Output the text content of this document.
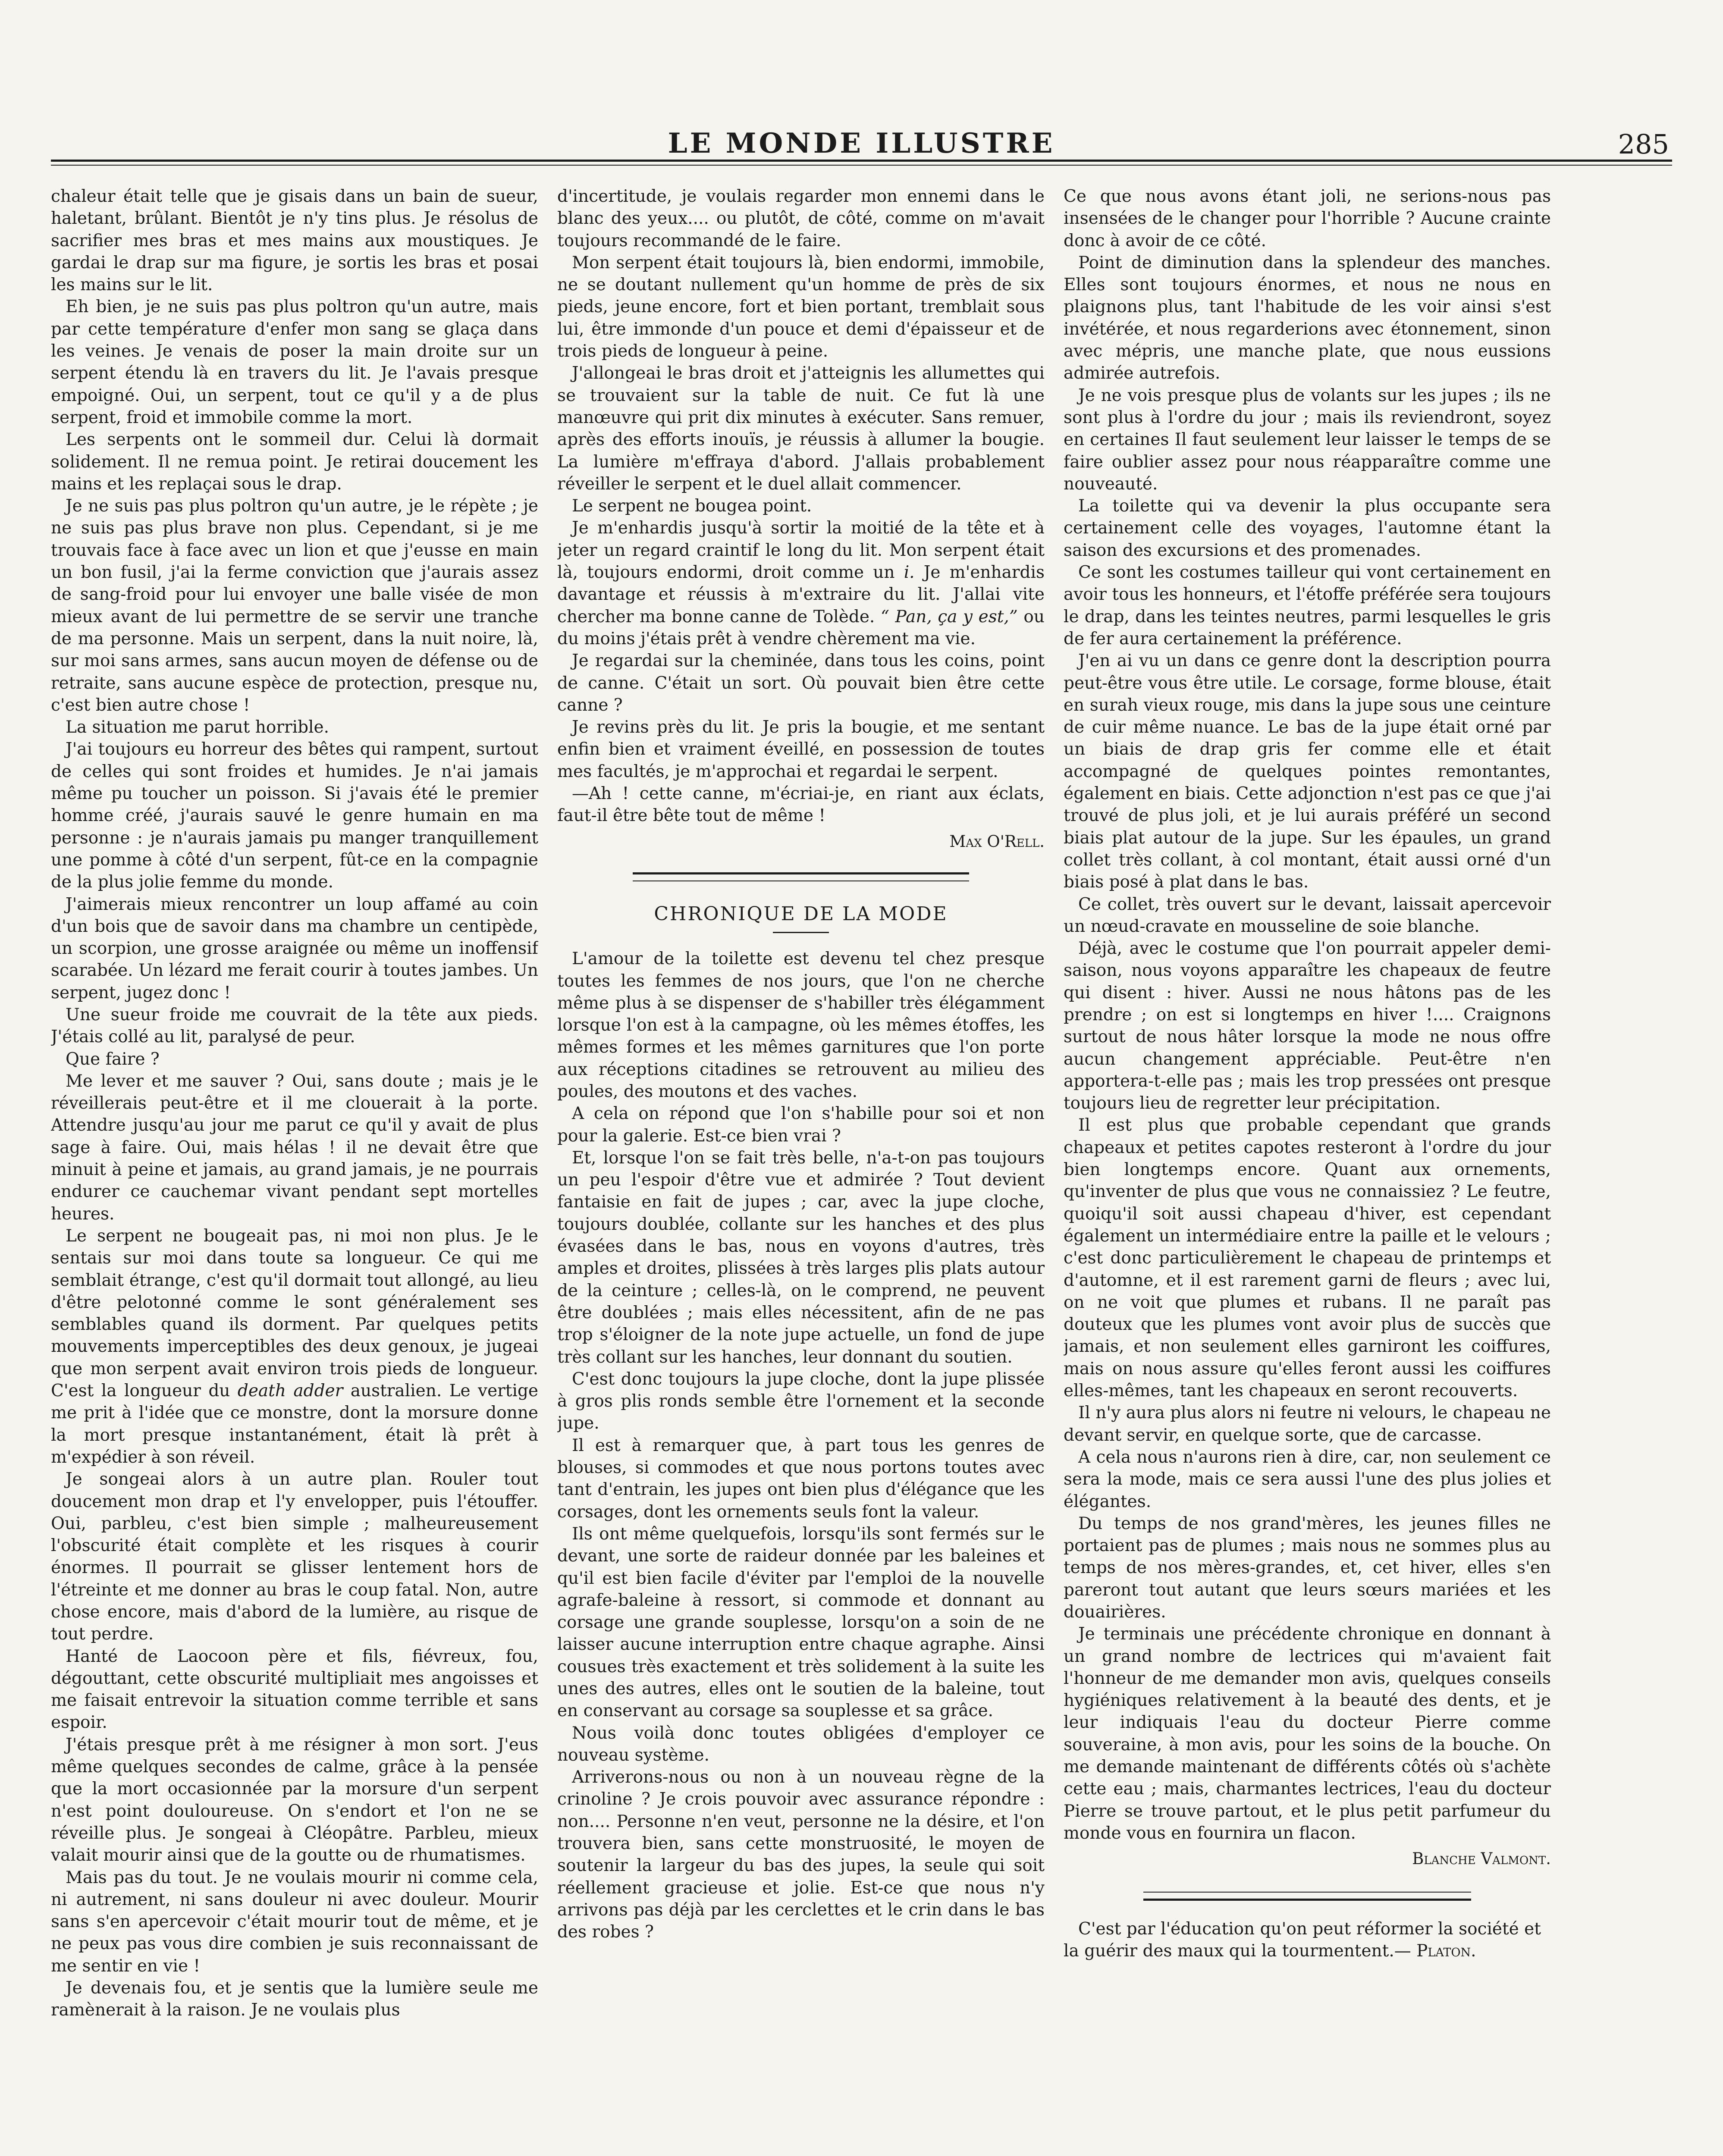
LE MONDE ILLUSTRE	285

chaleur était telle que je gisais dans un bain de sueur, haletant, brûlant. Bientôt je n'y tins plus. Je résolus de sacrifier mes bras et mes mains aux moustiques. Je gardai le drap sur ma figure, je sortis les bras et posai les mains sur le lit.

Eh bien, je ne suis pas plus poltron qu'un autre, mais par cette température d'enfer mon sang se glaça dans les veines. Je venais de poser la main droite sur un serpent étendu là en travers du lit. Je l'avais presque empoigné. Oui, un serpent, tout ce qu'il y a de plus serpent, froid et immobile comme la mort.

Les serpents ont le sommeil dur. Celui là dormait solidement. Il ne remua point. Je retirai doucement les mains et les replaçai sous le drap.

Je ne suis pas plus poltron qu'un autre, je le répète ; je ne suis pas plus brave non plus. Cependant, si je me trouvais face à face avec un lion et que j'eusse en main un bon fusil, j'ai la ferme conviction que j'aurais assez de sang-froid pour lui envoyer une balle visée de mon mieux avant de lui permettre de se servir une tranche de ma personne. Mais un serpent, dans la nuit noire, là, sur moi sans armes, sans aucun moyen de défense ou de retraite, sans aucune espèce de protection, presque nu, c'est bien autre chose !

La situation me parut horrible.

J'ai toujours eu horreur des bêtes qui rampent, surtout de celles qui sont froides et humides. Je n'ai jamais même pu toucher un poisson. Si j'avais été le premier homme créé, j'aurais sauvé le genre humain en ma personne : je n'aurais jamais pu manger tranquillement une pomme à côté d'un serpent, fût-ce en la compagnie de la plus jolie femme du monde.

J'aimerais mieux rencontrer un loup affamé au coin d'un bois que de savoir dans ma chambre un centipède, un scorpion, une grosse araignée ou même un inoffensif scarabée. Un lézard me ferait courir à toutes jambes. Un serpent, jugez donc !

Une sueur froide me couvrait de la tête aux pieds. J'étais collé au lit, paralysé de peur.

Que faire ?

Me lever et me sauver ? Oui, sans doute ; mais je le réveillerais peut-être et il me clouerait à la porte. Attendre jusqu'au jour me parut ce qu'il y avait de plus sage à faire. Oui, mais hélas ! il ne devait être que minuit à peine et jamais, au grand jamais, je ne pourrais endurer ce cauchemar vivant pendant sept mortelles heures.

Le serpent ne bougeait pas, ni moi non plus. Je le sentais sur moi dans toute sa longueur. Ce qui me semblait étrange, c'est qu'il dormait tout allongé, au lieu d'être pelotonné comme le sont généralement ses semblables quand ils dorment. Par quelques petits mouvements imperceptibles des deux genoux, je jugeai que mon serpent avait environ trois pieds de longueur. C'est la longueur du death adder australien. Le vertige me prit à l'idée que ce monstre, dont la morsure donne la mort presque instantanément, était là prêt à m'expédier à son réveil.

Je songeai alors à un autre plan. Rouler tout doucement mon drap et l'y envelopper, puis l'étouffer. Oui, parbleu, c'est bien simple ; malheureusement l'obscurité était complète et les risques à courir énormes. Il pourrait se glisser lentement hors de l'étreinte et me donner au bras le coup fatal. Non, autre chose encore, mais d'abord de la lumière, au risque de tout perdre.

Hanté de Laocoon père et fils, fiévreux, fou, dégouttant, cette obscurité multipliait mes angoisses et me faisait entrevoir la situation comme terrible et sans espoir.

J'étais presque prêt à me résigner à mon sort. J'eus même quelques secondes de calme, grâce à la pensée que la mort occasionnée par la morsure d'un serpent n'est point douloureuse. On s'endort et l'on ne se réveille plus. Je songeai à Cléopâtre. Parbleu, mieux valait mourir ainsi que de la goutte ou de rhumatismes.

Mais pas du tout. Je ne voulais mourir ni comme cela, ni autrement, ni sans douleur ni avec douleur. Mourir sans s'en apercevoir c'était mourir tout de même, et je ne peux pas vous dire combien je suis reconnaissant de me sentir en vie !

Je devenais fou, et je sentis que la lumière seule me ramènerait à la raison. Je ne voulais plus

d'incertitude, je voulais regarder mon ennemi dans le blanc des yeux.... ou plutôt, de côté, comme on m'avait toujours recommandé de le faire.

Mon serpent était toujours là, bien endormi, immobile, ne se doutant nullement qu'un homme de près de six pieds, jeune encore, fort et bien portant, tremblait sous lui, être immonde d'un pouce et demi d'épaisseur et de trois pieds de longueur à peine.

J'allongeai le bras droit et j'atteignis les allumettes qui se trouvaient sur la table de nuit. Ce fut là une manœuvre qui prit dix minutes à exécuter. Sans remuer, après des efforts inouïs, je réussis à allumer la bougie. La lumière m'effraya d'abord. J'allais probablement réveiller le serpent et le duel allait commencer.

Le serpent ne bougea point.

Je m'enhardis jusqu'à sortir la moitié de la tête et à jeter un regard craintif le long du lit. Mon serpent était là, toujours endormi, droit comme un i. Je m'enhardis davantage et réussis à m'extraire du lit. J'allai vite chercher ma bonne canne de Tolède. “ Pan, ça y est,” ou du moins j'étais prêt à vendre chèrement ma vie.

Je regardai sur la cheminée, dans tous les coins, point de canne. C'était un sort. Où pouvait bien être cette canne ?

Je revins près du lit. Je pris la bougie, et me sentant enfin bien et vraiment éveillé, en possession de toutes mes facultés, je m'approchai et regardai le serpent.

—Ah ! cette canne, m'écriai-je, en riant aux éclats, faut-il être bête tout de même !

Max O'Rell.
CHRONIQUE DE LA MODE

L'amour de la toilette est devenu tel chez presque toutes les femmes de nos jours, que l'on ne cherche même plus à se dispenser de s'habiller très élégamment lorsque l'on est à la campagne, où les mêmes étoffes, les mêmes formes et les mêmes garnitures que l'on porte aux réceptions citadines se retrouvent au milieu des poules, des moutons et des vaches.

A cela on répond que l'on s'habille pour soi et non pour la galerie. Est-ce bien vrai ?

Et, lorsque l'on se fait très belle, n'a-t-on pas toujours un peu l'espoir d'être vue et admirée ? Tout devient fantaisie en fait de jupes ; car, avec la jupe cloche, toujours doublée, collante sur les hanches et des plus évasées dans le bas, nous en voyons d'autres, très amples et droites, plissées à très larges plis plats autour de la ceinture ; celles-là, on le comprend, ne peuvent être doublées ; mais elles nécessitent, afin de ne pas trop s'éloigner de la note jupe actuelle, un fond de jupe très collant sur les hanches, leur donnant du soutien.

C'est donc toujours la jupe cloche, dont la jupe plissée à gros plis ronds semble être l'ornement et la seconde jupe.

Il est à remarquer que, à part tous les genres de blouses, si commodes et que nous portons toutes avec tant d'entrain, les jupes ont bien plus d'élégance que les corsages, dont les ornements seuls font la valeur.

Ils ont même quelquefois, lorsqu'ils sont fermés sur le devant, une sorte de raideur donnée par les baleines et qu'il est bien facile d'éviter par l'emploi de la nouvelle agrafe-baleine à ressort, si commode et donnant au corsage une grande souplesse, lorsqu'on a soin de ne laisser aucune interruption entre chaque agraphe. Ainsi cousues très exactement et très solidement à la suite les unes des autres, elles ont le soutien de la baleine, tout en conservant au corsage sa souplesse et sa grâce.

Nous voilà donc toutes obligées d'employer ce nouveau système.

Arriverons-nous ou non à un nouveau règne de la crinoline ? Je crois pouvoir avec assurance répondre : non.... Personne n'en veut, personne ne la désire, et l'on trouvera bien, sans cette monstruosité, le moyen de soutenir la largeur du bas des jupes, la seule qui soit réellement gracieuse et jolie. Est-ce que nous n'y arrivons pas déjà par les cerclettes et le crin dans le bas des robes ?

Ce que nous avons étant joli, ne serions-nous pas insensées de le changer pour l'horrible ? Aucune crainte donc à avoir de ce côté.

Point de diminution dans la splendeur des manches. Elles sont toujours énormes, et nous ne nous en plaignons plus, tant l'habitude de les voir ainsi s'est invétérée, et nous regarderions avec étonnement, sinon avec mépris, une manche plate, que nous eussions admirée autrefois.

Je ne vois presque plus de volants sur les jupes ; ils ne sont plus à l'ordre du jour ; mais ils reviendront, soyez en certaines Il faut seulement leur laisser le temps de se faire oublier assez pour nous réapparaître comme une nouveauté.

La toilette qui va devenir la plus occupante sera certainement celle des voyages, l'automne étant la saison des excursions et des promenades.

Ce sont les costumes tailleur qui vont certainement en avoir tous les honneurs, et l'étoffe préférée sera toujours le drap, dans les teintes neutres, parmi lesquelles le gris de fer aura certainement la préférence.

J'en ai vu un dans ce genre dont la description pourra peut-être vous être utile. Le corsage, forme blouse, était en surah vieux rouge, mis dans la jupe sous une ceinture de cuir même nuance. Le bas de la jupe était orné par un biais de drap gris fer comme elle et était accompagné de quelques pointes remontantes, également en biais. Cette adjonction n'est pas ce que j'ai trouvé de plus joli, et je lui aurais préféré un second biais plat autour de la jupe. Sur les épaules, un grand collet très collant, à col montant, était aussi orné d'un biais posé à plat dans le bas.

Ce collet, très ouvert sur le devant, laissait apercevoir un nœud-cravate en mousseline de soie blanche.

Déjà, avec le costume que l'on pourrait appeler demi-saison, nous voyons apparaître les chapeaux de feutre qui disent : hiver. Aussi ne nous hâtons pas de les prendre ; on est si longtemps en hiver !.... Craignons surtout de nous hâter lorsque la mode ne nous offre aucun changement appréciable. Peut-être n'en apportera-t-elle pas ; mais les trop pressées ont presque toujours lieu de regretter leur précipitation.

Il est plus que probable cependant que grands chapeaux et petites capotes resteront à l'ordre du jour bien longtemps encore. Quant aux ornements, qu'inventer de plus que vous ne connaissiez ? Le feutre, quoiqu'il soit aussi chapeau d'hiver, est cependant également un intermédiaire entre la paille et le velours ; c'est donc particulièrement le chapeau de printemps et d'automne, et il est rarement garni de fleurs ; avec lui, on ne voit que plumes et rubans. Il ne paraît pas douteux que les plumes vont avoir plus de succès que jamais, et non seulement elles garniront les coiffures, mais on nous assure qu'elles feront aussi les coiffures elles-mêmes, tant les chapeaux en seront recouverts.

Il n'y aura plus alors ni feutre ni velours, le chapeau ne devant servir, en quelque sorte, que de carcasse.

A cela nous n'aurons rien à dire, car, non seulement ce sera la mode, mais ce sera aussi l'une des plus jolies et élégantes.

Du temps de nos grand'mères, les jeunes filles ne portaient pas de plumes ; mais nous ne sommes plus au temps de nos mères-grandes, et, cet hiver, elles s'en pareront tout autant que leurs sœurs mariées et les douairières.

Je terminais une précédente chronique en donnant à un grand nombre de lectrices qui m'avaient fait l'honneur de me demander mon avis, quelques conseils hygiéniques relativement à la beauté des dents, et je leur indiquais l'eau du docteur Pierre comme souveraine, à mon avis, pour les soins de la bouche. On me demande maintenant de différents côtés où s'achète cette eau ; mais, charmantes lectrices, l'eau du docteur Pierre se trouve partout, et le plus petit parfumeur du monde vous en fournira un flacon.

Blanche Valmont.

C'est par l'éducation qu'on peut réformer la société et la guérir des maux qui la tourmentent.— Platon.
